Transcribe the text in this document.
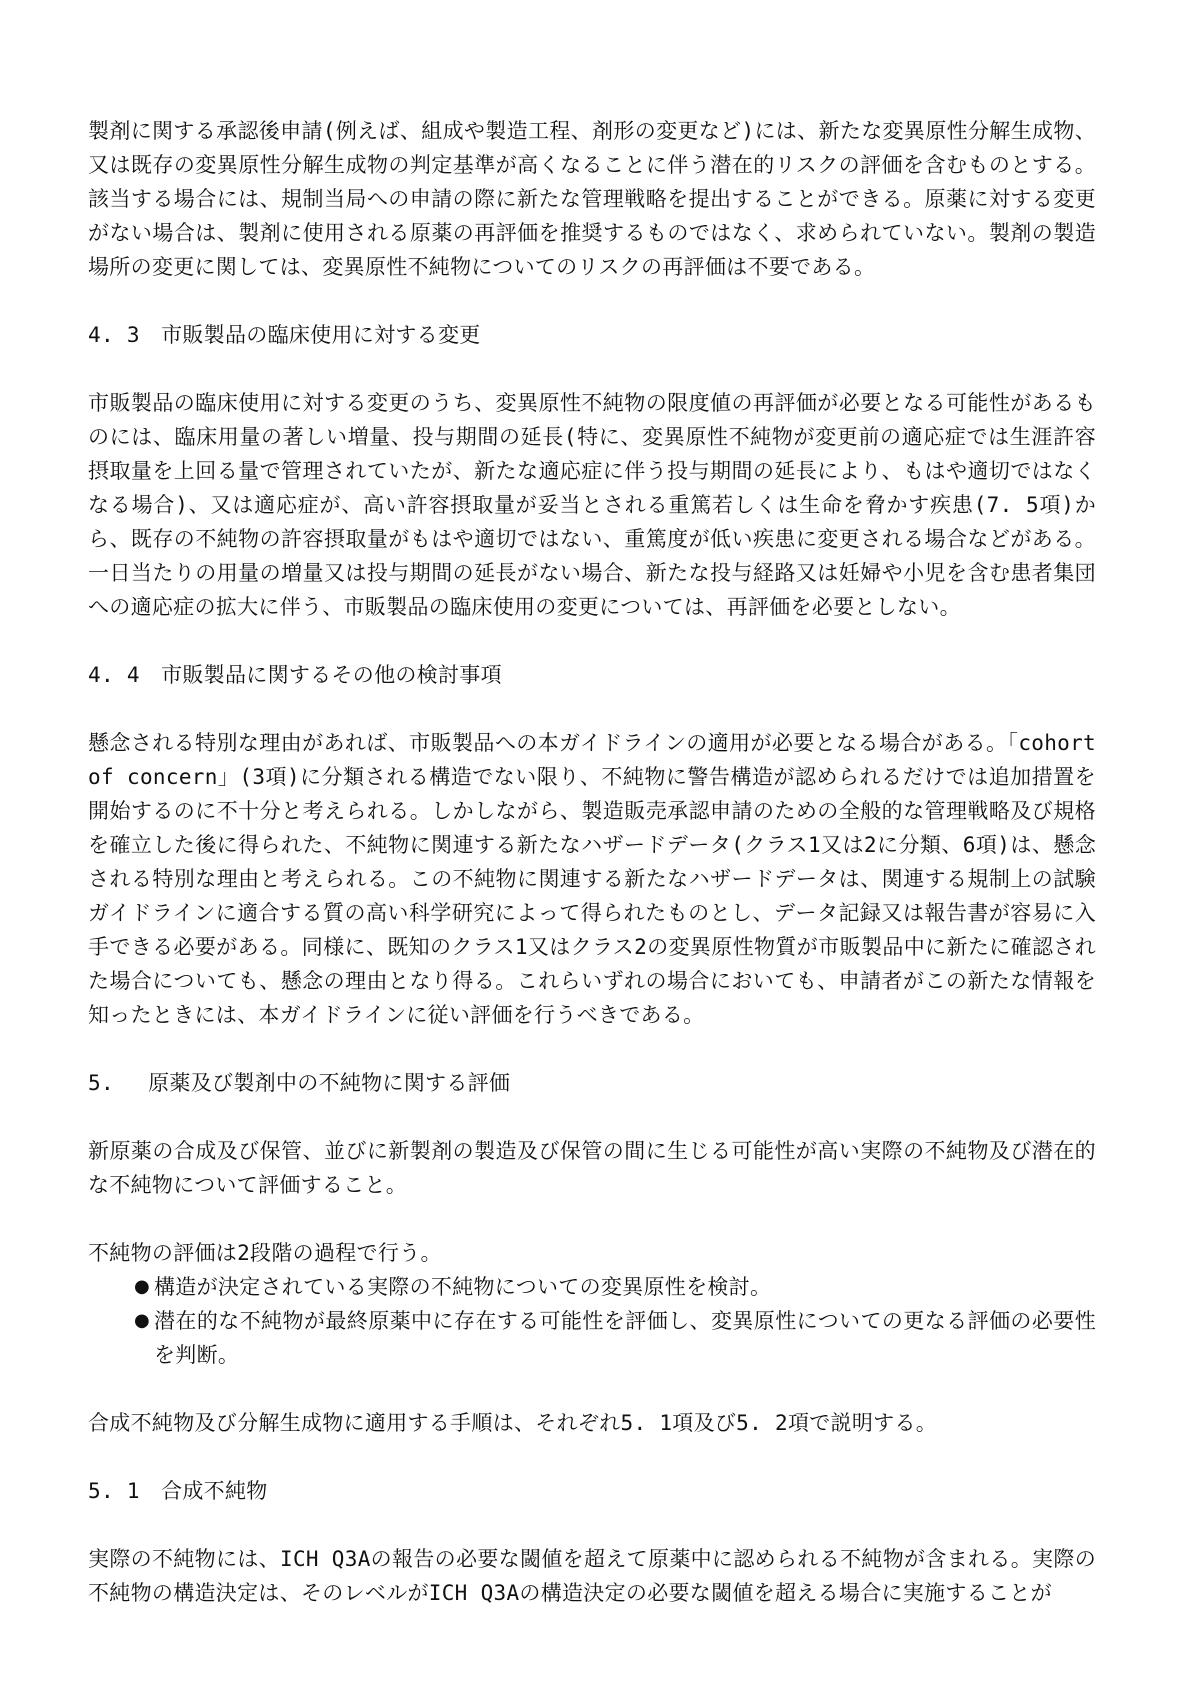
製剤に関する承認後申請(例えば、組成や製造工程、剤形の変更など)には、新たな変異原性分解生成物、又は既存の変異原性分解生成物の判定基準が高くなることに伴う潜在的リスクの評価を含むものとする。該当する場合には、規制当局への申請の際に新たな管理戦略を提出することができる。原薬に対する変更がない場合は、製剤に使用される原薬の再評価を推奨するものではなく、求められていない。製剤の製造場所の変更に関しては、変異原性不純物についてのリスクの再評価は不要である。

4. 3　市販製品の臨床使用に対する変更

市販製品の臨床使用に対する変更のうち、変異原性不純物の限度値の再評価が必要となる可能性があるものには、臨床用量の著しい増量、投与期間の延長(特に、変異原性不純物が変更前の適応症では生涯許容摂取量を上回る量で管理されていたが、新たな適応症に伴う投与期間の延長により、もはや適切ではなくなる場合)、又は適応症が、高い許容摂取量が妥当とされる重篤若しくは生命を脅かす疾患(7. 5項)から、既存の不純物の許容摂取量がもはや適切ではない、重篤度が低い疾患に変更される場合などがある。一日当たりの用量の増量又は投与期間の延長がない場合、新たな投与経路又は妊婦や小児を含む患者集団への適応症の拡大に伴う、市販製品の臨床使用の変更については、再評価を必要としない。

4. 4　市販製品に関するその他の検討事項

懸念される特別な理由があれば、市販製品への本ガイドラインの適用が必要となる場合がある。「cohort of concern」(3項)に分類される構造でない限り、不純物に警告構造が認められるだけでは追加措置を開始するのに不十分と考えられる。しかしながら、製造販売承認申請のための全般的な管理戦略及び規格を確立した後に得られた、不純物に関連する新たなハザードデータ(クラス1又は2に分類、6項)は、懸念される特別な理由と考えられる。この不純物に関連する新たなハザードデータは、関連する規制上の試験ガイドラインに適合する質の高い科学研究によって得られたものとし、データ記録又は報告書が容易に入手できる必要がある。同様に、既知のクラス1又はクラス2の変異原性物質が市販製品中に新たに確認された場合についても、懸念の理由となり得る。これらいずれの場合においても、申請者がこの新たな情報を知ったときには、本ガイドラインに従い評価を行うべきである。

5.　 原薬及び製剤中の不純物に関する評価

新原薬の合成及び保管、並びに新製剤の製造及び保管の間に生じる可能性が高い実際の不純物及び潜在的な不純物について評価すること。

不純物の評価は2段階の過程で行う。

● 構造が決定されている実際の不純物についての変異原性を検討。
● 潜在的な不純物が最終原薬中に存在する可能性を評価し、変異原性についての更なる評価の必要性を判断。

合成不純物及び分解生成物に適用する手順は、それぞれ5. 1項及び5. 2項で説明する。

5. 1　合成不純物

実際の不純物には、ICH Q3Aの報告の必要な閾値を超えて原薬中に認められる不純物が含まれる。実際の不純物の構造決定は、そのレベルがICH Q3Aの構造決定の必要な閾値を超える場合に実施することが
